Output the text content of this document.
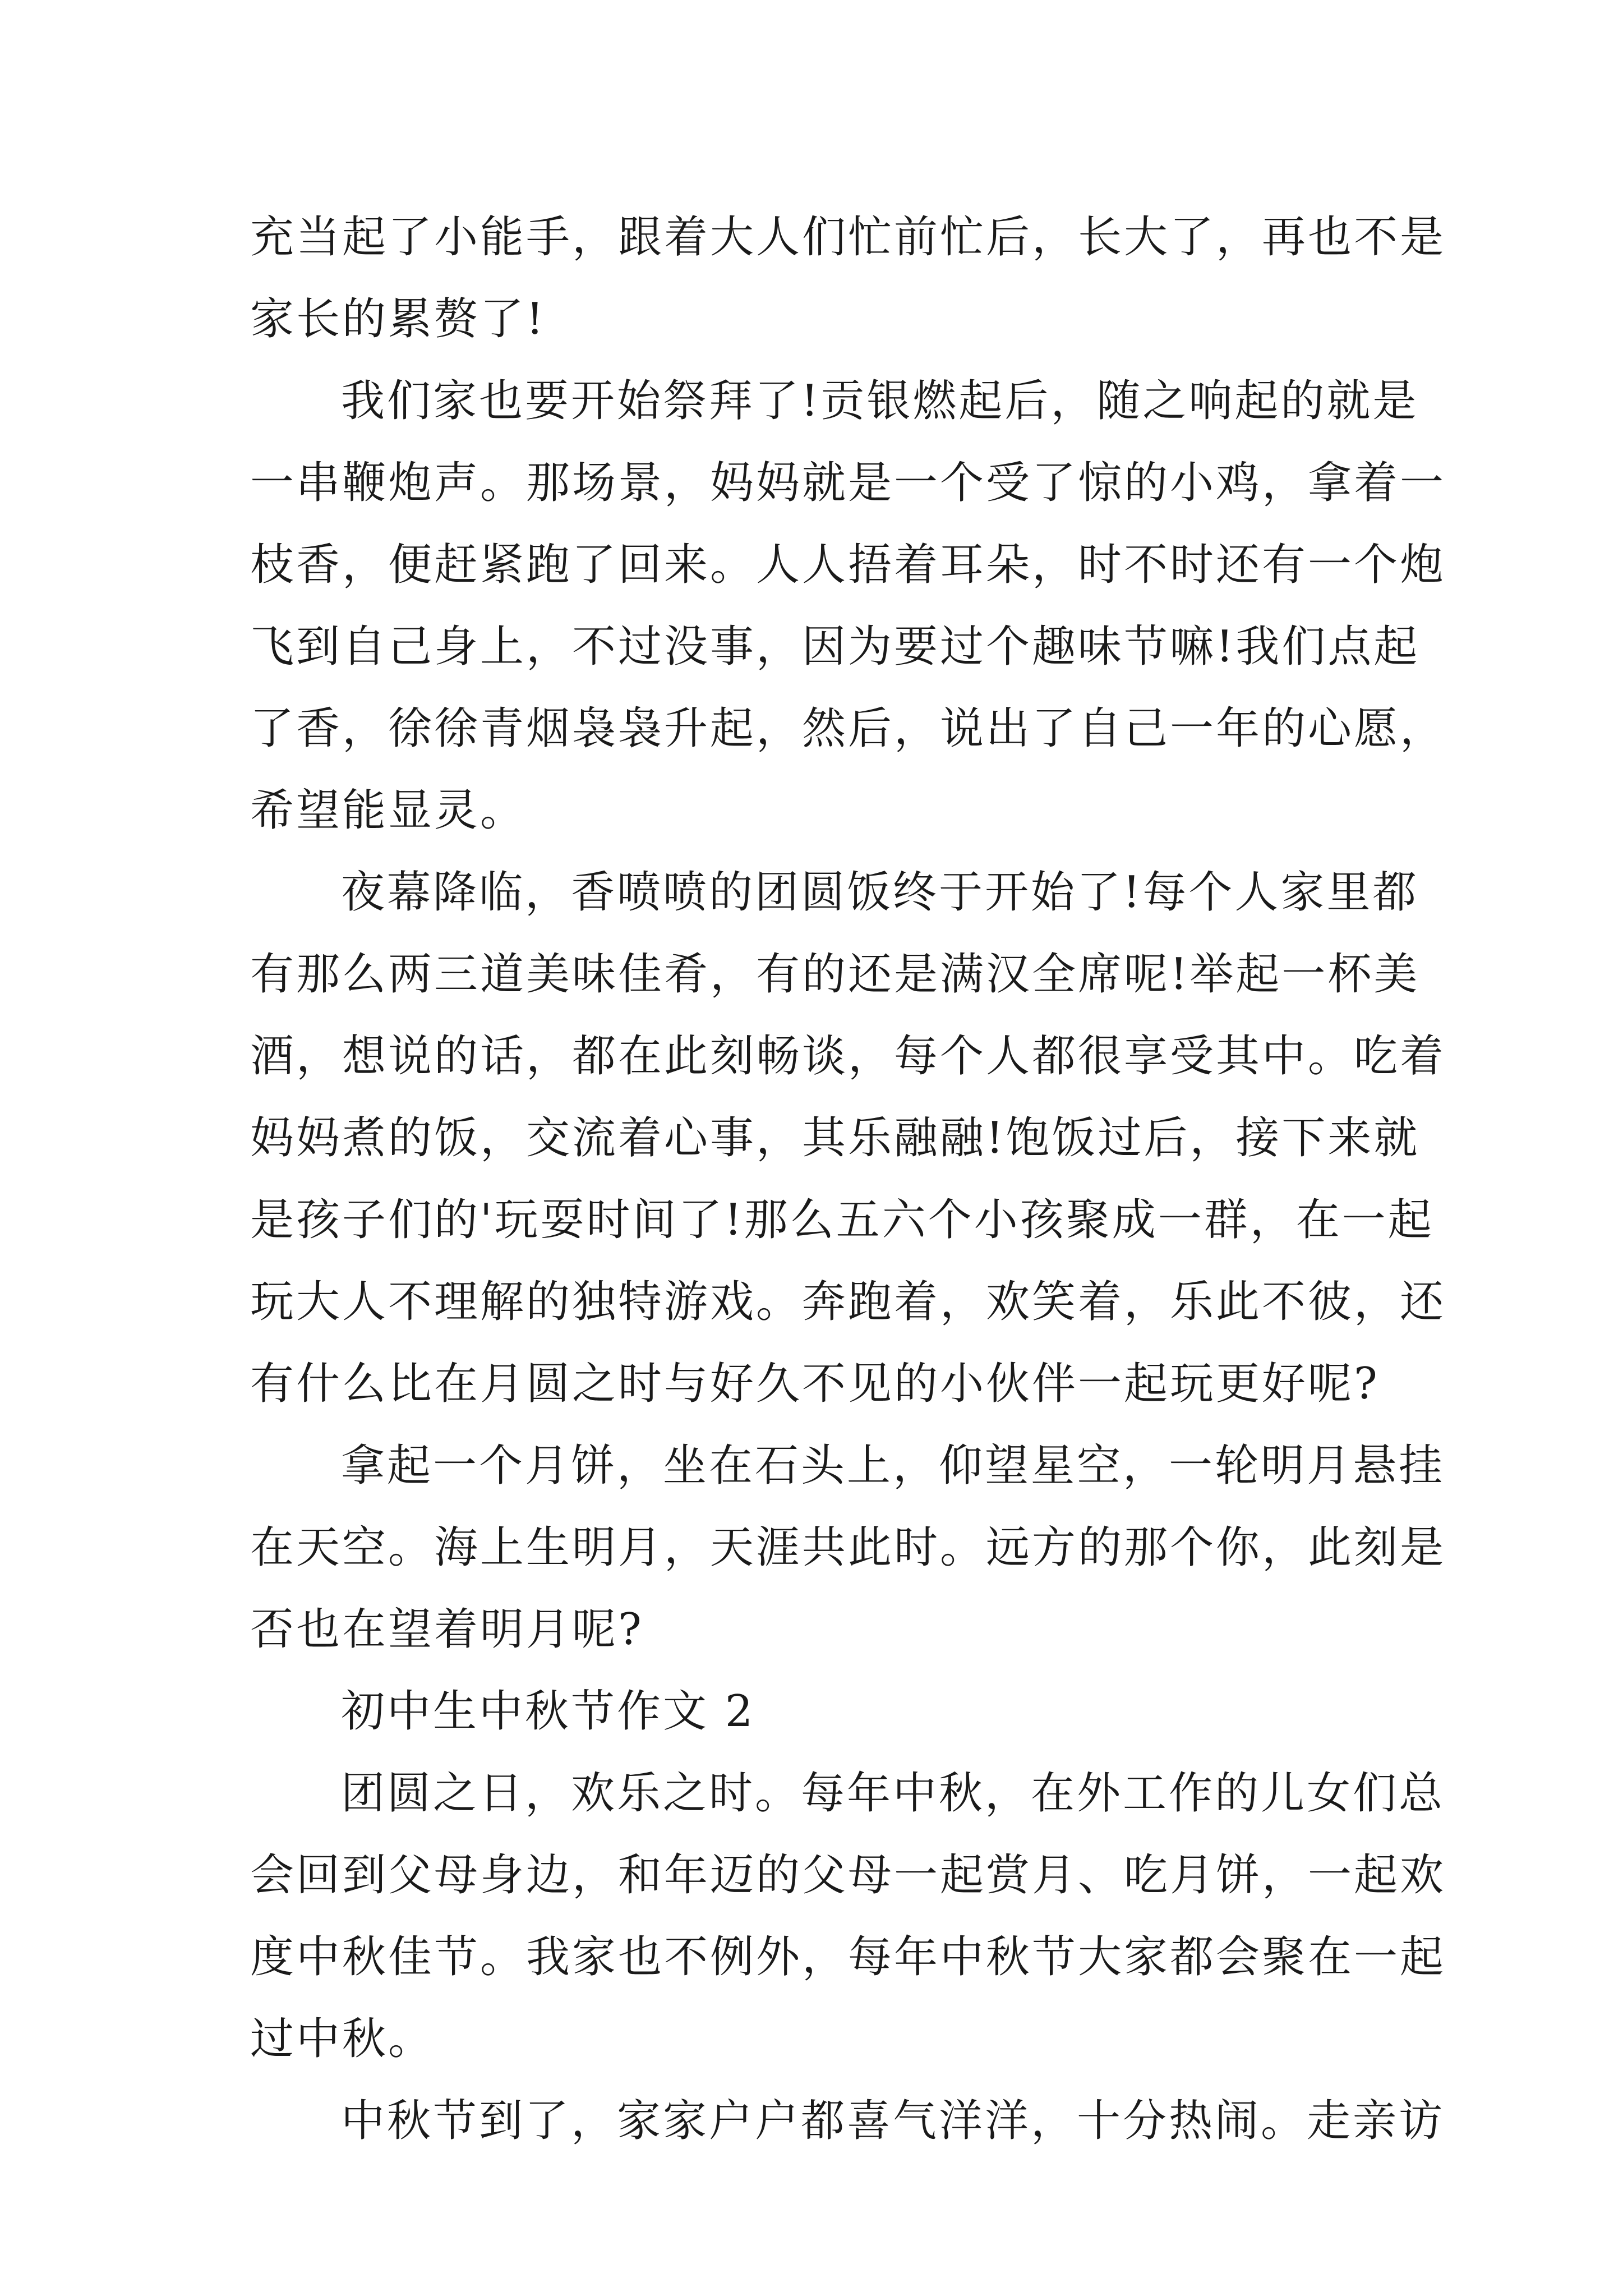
充当起了小能手，跟着大人们忙前忙后，长大了，再也不是
家长的累赘了!
我们家也要开始祭拜了!贡银燃起后，随之响起的就是
一串鞭炮声。那场景，妈妈就是一个受了惊的小鸡，拿着一
枝香，便赶紧跑了回来。人人捂着耳朵，时不时还有一个炮
飞到自己身上，不过没事，因为要过个趣味节嘛!我们点起
了香，徐徐青烟袅袅升起，然后，说出了自己一年的心愿，
希望能显灵。
夜幕降临，香喷喷的团圆饭终于开始了!每个人家里都
有那么两三道美味佳肴，有的还是满汉全席呢!举起一杯美
酒，想说的话，都在此刻畅谈，每个人都很享受其中。吃着
妈妈煮的饭，交流着心事，其乐融融!饱饭过后，接下来就
是孩子们的'玩耍时间了!那么五六个小孩聚成一群，在一起
玩大人不理解的独特游戏。奔跑着，欢笑着，乐此不彼，还
有什么比在月圆之时与好久不见的小伙伴一起玩更好呢?
拿起一个月饼，坐在石头上，仰望星空，一轮明月悬挂
在天空。海上生明月，天涯共此时。远方的那个你，此刻是
否也在望着明月呢?
初中生中秋节作文 2
团圆之日，欢乐之时。每年中秋，在外工作的儿女们总
会回到父母身边，和年迈的父母一起赏月、吃月饼，一起欢
度中秋佳节。我家也不例外，每年中秋节大家都会聚在一起
过中秋。
中秋节到了，家家户户都喜气洋洋，十分热闹。走亲访
